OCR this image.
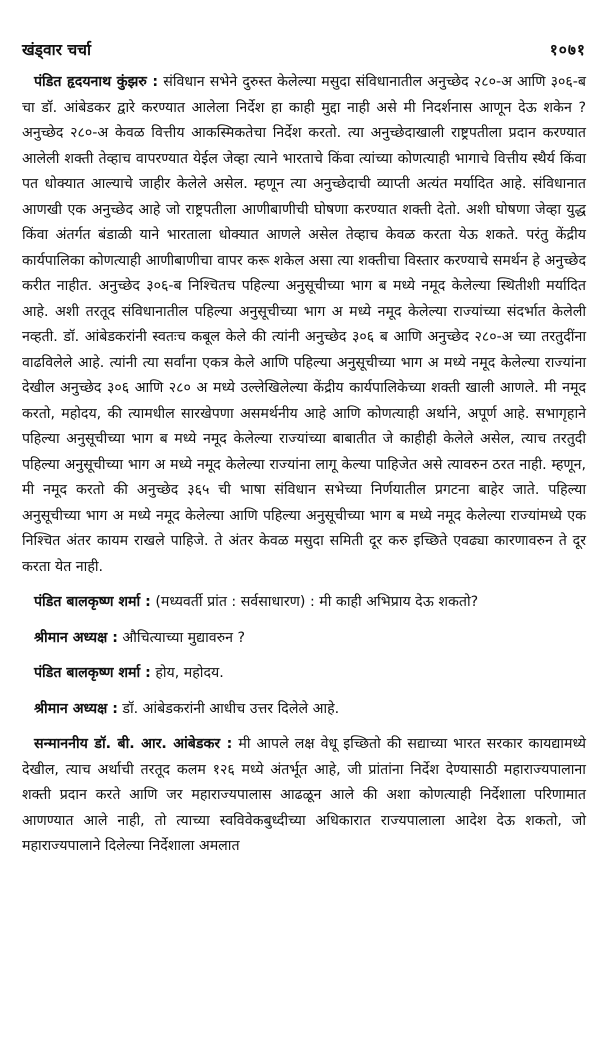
खंड्वार चर्चा	१०७१

पंडित हृदयनाथ कुंझरु : संविधान सभेने दुरुस्त केलेल्या मसुदा संविधानातील अनुच्छेद २८०-अ आणि ३०६-ब चा डॉ. आंबेडकर द्वारे करण्यात आलेला निर्देश हा काही मुद्दा नाही असे मी निदर्शनास आणून देऊ शकेन ? अनुच्छेद २८०-अ केवळ वित्तीय आकस्मिकतेचा निर्देश करतो. त्या अनुच्छेदाखाली राष्ट्रपतीला प्रदान करण्यात आलेली शक्ती तेव्हाच वापरण्यात येईल जेव्हा त्याने भारताचे किंवा त्यांच्या कोणत्याही भागाचे वित्तीय स्थैर्य किंवा पत धोक्यात आल्याचे जाहीर केलेले असेल. म्हणून त्या अनुच्छेदाची व्याप्ती अत्यंत मर्यादित आहे. संविधानात आणखी एक अनुच्छेद आहे जो राष्ट्रपतीला आणीबाणीची घोषणा करण्यात शक्ती देतो. अशी घोषणा जेव्हा युद्ध किंवा अंतर्गत बंडाळी याने भारताला धोक्यात आणले असेल तेव्हाच केवळ करता येऊ शकते. परंतु केंद्रीय कार्यपालिका कोणत्याही आणीबाणीचा वापर करू शकेल असा त्या शक्तीचा विस्तार करण्याचे समर्थन हे अनुच्छेद करीत नाहीत. अनुच्छेद ३०६-ब निश्चितच पहिल्या अनुसूचीच्या भाग ब मध्ये नमूद केलेल्या स्थितीशी मर्यादित आहे. अशी तरतूद संविधानातील पहिल्या अनुसूचीच्या भाग अ मध्ये नमूद केलेल्या राज्यांच्या संदर्भात केलेली नव्हती. डॉ. आंबेडकरांनी स्वतःच कबूल केले की त्यांनी अनुच्छेद ३०६ ब आणि अनुच्छेद २८०-अ च्या तरतुदींना वाढविलेले आहे. त्यांनी त्या सर्वांना एकत्र केले आणि पहिल्या अनुसूचीच्या भाग अ मध्ये नमूद केलेल्या राज्यांना देखील अनुच्छेद ३०६ आणि २८० अ मध्ये उल्लेखिलेल्या केंद्रीय कार्यपालिकेच्या शक्ती खाली आणले. मी नमूद करतो, महोदय, की त्यामधील सारखेपणा असमर्थनीय आहे आणि कोणत्याही अर्थाने, अपूर्ण आहे. सभागृहाने पहिल्या अनुसूचीच्या भाग ब मध्ये नमूद केलेल्या राज्यांच्या बाबातीत जे काहीही केलेले असेल, त्याच तरतुदी पहिल्या अनुसूचीच्या भाग अ मध्ये नमूद केलेल्या राज्यांना लागू केल्या पाहिजेत असे त्यावरुन ठरत नाही. म्हणून, मी नमूद करतो की अनुच्छेद ३६५ ची भाषा संविधान सभेच्या निर्णयातील प्रगटना बाहेर जाते. पहिल्या अनुसूचीच्या भाग अ मध्ये नमूद केलेल्या आणि पहिल्या अनुसूचीच्या भाग ब मध्ये नमूद केलेल्या राज्यांमध्ये एक निश्चित अंतर कायम राखले पाहिजे. ते अंतर केवळ मसुदा समिती दूर करु इच्छिते एवढ्या कारणावरुन ते दूर करता येत नाही.

पंडित बालकृष्ण शर्मा : (मध्यवर्ती प्रांत : सर्वसाधारण) : मी काही अभिप्राय देऊ शकतो?

श्रीमान अध्यक्ष : औचित्याच्या मुद्यावरुन ?

पंडित बालकृष्ण शर्मा : होय, महोदय.

श्रीमान अध्यक्ष : डॉ. आंबेडकरांनी आधीच उत्तर दिलेले आहे.

सन्माननीय डॉ. बी. आर. आंबेडकर : मी आपले लक्ष वेधू इच्छितो की सद्याच्या भारत सरकार कायद्यामध्ये देखील, त्याच अर्थाची तरतूद कलम १२६ मध्ये अंतर्भूत आहे, जी प्रांतांना निर्देश देण्यासाठी महाराज्यपालाना शक्ती प्रदान करते आणि जर महाराज्यपालास आढळून आले की अशा कोणत्याही निर्देशाला परिणामात आणण्यात आले नाही, तो त्याच्या स्वविवेकबुध्दीच्या अधिकारात राज्यपालाला आदेश देऊ शकतो, जो महाराज्यपालाने दिलेल्या निर्देशाला अमलात
